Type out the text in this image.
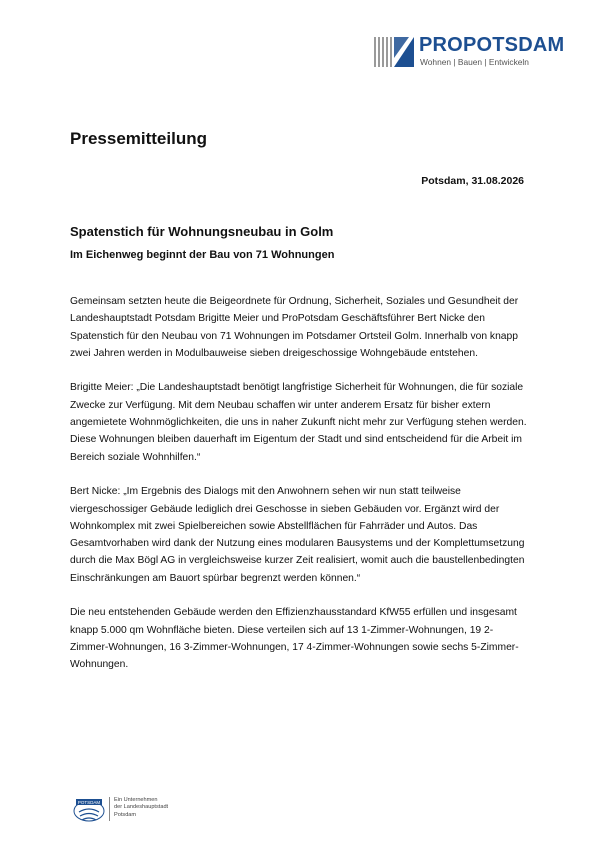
PROPOTSDAM
Wohnen | Bauen | Entwickeln
Pressemitteilung
Potsdam, 31.08.2026
Spatenstich für Wohnungsneubau in Golm
Im Eichenweg beginnt der Bau von 71 Wohnungen

Gemeinsam setzten heute die Beigeordnete für Ordnung, Sicherheit, Soziales und Gesundheit der Landeshauptstadt Potsdam Brigitte Meier und ProPotsdam Geschäftsführer Bert Nicke den Spatenstich für den Neubau von 71 Wohnungen im Potsdamer Ortsteil Golm. Innerhalb von knapp zwei Jahren werden in Modulbauweise sieben dreigeschossige Wohngebäude entstehen.

Brigitte Meier: „Die Landeshauptstadt benötigt langfristige Sicherheit für Wohnungen, die für soziale Zwecke zur Verfügung. Mit dem Neubau schaffen wir unter anderem Ersatz für bisher extern angemietete Wohnmöglichkeiten, die uns in naher Zukunft nicht mehr zur Verfügung stehen werden. Diese Wohnungen bleiben dauerhaft im Eigentum der Stadt und sind entscheidend für die Arbeit im Bereich soziale Wohnhilfen.“

Bert Nicke: „Im Ergebnis des Dialogs mit den Anwohnern sehen wir nun statt teilweise viergeschossiger Gebäude lediglich drei Geschosse in sieben Gebäuden vor. Ergänzt wird der Wohnkomplex mit zwei Spielbereichen sowie Abstellflächen für Fahrräder und Autos. Das Gesamtvorhaben wird dank der Nutzung eines modularen Bausystems und der Komplettumsetzung durch die Max Bögl AG in vergleichsweise kurzer Zeit realisiert, womit auch die baustellenbedingten Einschränkungen am Bauort spürbar begrenzt werden können.“

Die neu entstehenden Gebäude werden den Effizienzhausstandard KfW55 erfüllen und insgesamt knapp 5.000 qm Wohnfläche bieten. Diese verteilen sich auf 13 1-Zimmer-Wohnungen, 19 2-Zimmer-Wohnungen, 16 3-Zimmer-Wohnungen, 17 4-Zimmer-Wohnungen sowie sechs 5-Zimmer-Wohnungen.

POTSDAM Ein Unternehmen
der Landeshauptstadt
Potsdam
